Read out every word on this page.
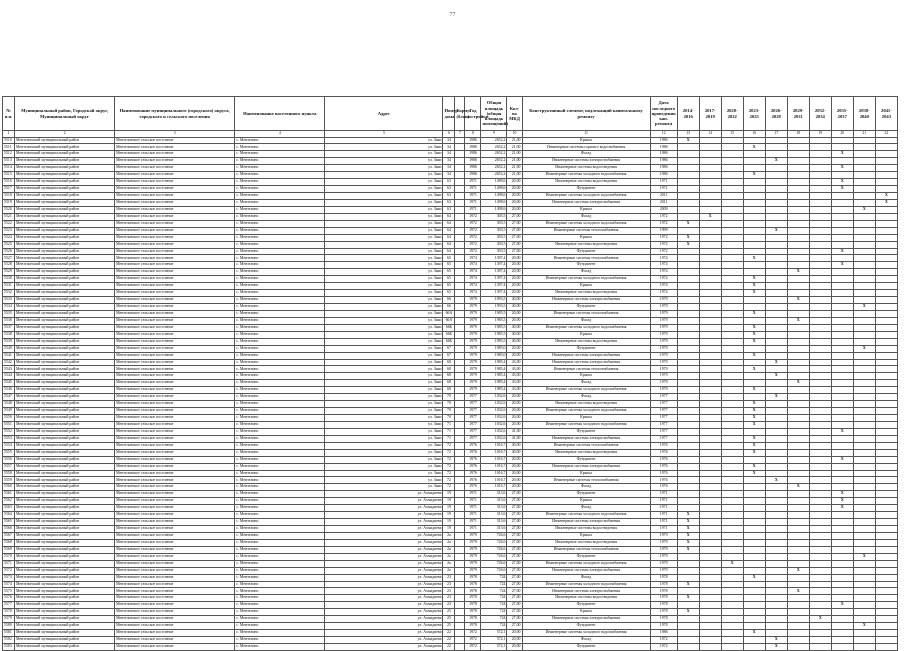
77
№ п.п.	Муниципальный район, Городской округ, Муниципальный округ	Наименование муниципального (городского) округа, городского и сельского поселения	Наименование населенного пункта	Адрес	Номер дома	Корпус (блок)	Год постройки	Общая площадь (общая площадь помещений)	Кол-во МКД	Конструктивный элемент, подлежащий капитальному ремонту	Дата последнего проведения кап. ремонта	2014-2016	2017-2019	2020-2022	2023-2025	2026-2028	2029-2031	2032-2034	2035-2037	2038-2040	2041-2043
1	2	3	4	5	6	7	8	9	10	11	12	13	14	15	16	17	18	19	20	21	22
5510	Мензелинский муниципальный район	Мензелинское сельское поселение	с. Мензелино	ул. Заки	34		1986	2652,2	21,00	Крыша	1986	X									
5511	Мензелинский муниципальный район	Мензелинское сельское поселение	с. Мензелино	ул. Заки	34		1986	2652,2	21,00	Инженерные системы горячего водоснабжения	1986				X						
5512	Мензелинский муниципальный район	Мензелинское сельское поселение	с. Мензелино	ул. Заки	34		1986	2652,2	21,00	Фасад	1986								X		
5513	Мензелинский муниципальный район	Мензелинское сельское поселение	с. Мензелино	ул. Заки	34		1986	2652,2	21,00	Инженерные системы электроснабжения	1986					X					
5514	Мензелинский муниципальный район	Мензелинское сельское поселение	с. Мензелино	ул. Заки	34		1986	2652,2	21,00	Инженерные системы водоотведения	1986								X		
5515	Мензелинский муниципальный район	Мензелинское сельское поселение	с. Мензелино	ул. Заки	34		1986	2652,2	21,00	Инженерные системы холодного водоснабжения	1986				X						
5516	Мензелинский муниципальный район	Мензелинское сельское поселение	с. Мензелино	ул. Заки	63		1971	1498,6	20,00	Инженерные системы водоотведения	1971								X		
5517	Мензелинский муниципальный район	Мензелинское сельское поселение	с. Мензелино	ул. Заки	63		1971	1498,6	20,00	Фундамент	1971								X		
5518	Мензелинский муниципальный район	Мензелинское сельское поселение	с. Мензелино	ул. Заки	63		1971	1498,6	20,00	Инженерные системы холодного водоснабжения	2011										X
5519	Мензелинский муниципальный район	Мензелинское сельское поселение	с. Мензелино	ул. Заки	63		1971	1498,6	20,00	Инженерные системы электроснабжения	2011										X
5520	Мензелинский муниципальный район	Мензелинское сельское поселение	с. Мензелино	ул. Заки	63		1971	1498,6	20,00	Крыша	2009									X	
5521	Мензелинский муниципальный район	Мензелинское сельское поселение	с. Мензелино	ул. Заки	64		1972	303,5	27,00	Фасад	1972		X								
5522	Мензелинский муниципальный район	Мензелинское сельское поселение	с. Мензелино	ул. Заки	64		1972	303,5	27,00	Инженерные системы холодного водоснабжения	1972	X									
5523	Мензелинский муниципальный район	Мензелинское сельское поселение	с. Мензелино	ул. Заки	64		1972	303,5	27,00	Инженерные системы теплоснабжения	1999					X					
5524	Мензелинский муниципальный район	Мензелинское сельское поселение	с. Мензелино	ул. Заки	64		1972	303,5	27,00	Крыша	1972	X									
5525	Мензелинский муниципальный район	Мензелинское сельское поселение	с. Мензелино	ул. Заки	64		1972	303,5	27,00	Инженерные системы водоотведения	1972	X									
5526	Мензелинский муниципальный район	Мензелинское сельское поселение	с. Мензелино	ул. Заки	64		1972	303,5	27,00	Фундамент	1972								X		
5527	Мензелинский муниципальный район	Мензелинское сельское поселение	с. Мензелино	ул. Заки	65		1974	1397,4	20,00	Инженерные системы теплоснабжения	1974				X						
5528	Мензелинский муниципальный район	Мензелинское сельское поселение	с. Мензелино	ул. Заки	65		1974	1397,4	20,00	Фундамент	1974								X		
5529	Мензелинский муниципальный район	Мензелинское сельское поселение	с. Мензелино	ул. Заки	65		1974	1397,4	20,00	Фасад	1974						X				
5530	Мензелинский муниципальный район	Мензелинское сельское поселение	с. Мензелино	ул. Заки	65		1974	1397,4	20,00	Инженерные системы холодного водоснабжения	1974				X						
5531	Мензелинский муниципальный район	Мензелинское сельское поселение	с. Мензелино	ул. Заки	65		1974	1397,4	20,00	Крыша	1974				X						
5532	Мензелинский муниципальный район	Мензелинское сельское поселение	с. Мензелино	ул. Заки	65		1974	1397,4	20,00	Инженерные системы водоотведения	1974				X						
5533	Мензелинский муниципальный район	Мензелинское сельское поселение	с. Мензелино	ул. Заки	66		1979	1993,5	40,00	Инженерные системы электроснабжения	1979						X				
5534	Мензелинский муниципальный район	Мензелинское сельское поселение	с. Мензелино	ул. Заки	66		1979	1993,5	40,00	Фундамент	1979									X	
5535	Мензелинский муниципальный район	Мензелинское сельское поселение	с. Мензелино	ул. Заки	66А		1979	1985,5	20,00	Инженерные системы теплоснабжения	1979				X						
5536	Мензелинский муниципальный район	Мензелинское сельское поселение	с. Мензелино	ул. Заки	66А		1979	1985,5	20,00	Фасад	1979						X				
5537	Мензелинский муниципальный район	Мензелинское сельское поселение	с. Мензелино	ул. Заки	66Б		1979	1985,5	40,00	Инженерные системы холодного водоснабжения	1979				X						
5538	Мензелинский муниципальный район	Мензелинское сельское поселение	с. Мензелино	ул. Заки	66Б		1979	1985,5	40,00	Крыша	1979				X						
5539	Мензелинский муниципальный район	Мензелинское сельское поселение	с. Мензелино	ул. Заки	66Б		1979	1985,5	40,00	Инженерные системы водоотведения	1979				X						
5540	Мензелинский муниципальный район	Мензелинское сельское поселение	с. Мензелино	ул. Заки	67		1979	1985,0	20,00	Фундамент	1979									X	
5541	Мензелинский муниципальный район	Мензелинское сельское поселение	с. Мензелино	ул. Заки	67		1979	1985,0	20,00	Инженерные системы электроснабжения	1979				X						
5542	Мензелинский муниципальный район	Мензелинское сельское поселение	с. Мензелино	ул. Заки	68		1979	1985,4	43,00	Инженерные системы электроснабжения	1979					X					
5543	Мензелинский муниципальный район	Мензелинское сельское поселение	с. Мензелино	ул. Заки	68		1979	1985,4	43,00	Инженерные системы теплоснабжения	1979				X						
5544	Мензелинский муниципальный район	Мензелинское сельское поселение	с. Мензелино	ул. Заки	68		1979	1985,4	43,00	Крыша	1979					X					
5545	Мензелинский муниципальный район	Мензелинское сельское поселение	с. Мензелино	ул. Заки	68		1979	1985,4	43,00	Фасад	1979						X				
5546	Мензелинский муниципальный район	Мензелинское сельское поселение	с. Мензелино	ул. Заки	68		1979	1985,4	43,00	Инженерные системы холодного водоснабжения	1979				X						
5547	Мензелинский муниципальный район	Мензелинское сельское поселение	с. Мензелино	ул. Заки	70		1977	1032,6	20,00	Фасад	1977					X					
5548	Мензелинский муниципальный район	Мензелинское сельское поселение	с. Мензелино	ул. Заки	70		1977	1032,6	20,00	Инженерные системы водоотведения	1977				X						
5549	Мензелинский муниципальный район	Мензелинское сельское поселение	с. Мензелино	ул. Заки	70		1977	1032,6	20,00	Инженерные системы холодного водоснабжения	1977				X						
5550	Мензелинский муниципальный район	Мензелинское сельское поселение	с. Мензелино	ул. Заки	70		1977	1032,6	20,00	Крыша	1977				X						
5551	Мензелинский муниципальный район	Мензелинское сельское поселение	с. Мензелино	ул. Заки	71		1977	1032,6	20,00	Инженерные системы холодного водоснабжения	1977				X						
5552	Мензелинский муниципальный район	Мензелинское сельское поселение	с. Мензелино	ул. Заки	71		1977	1032,6	41,00	Фундамент	1977								X		
5553	Мензелинский муниципальный район	Мензелинское сельское поселение	с. Мензелино	ул. Заки	71		1977	1032,6	41,00	Инженерные системы электроснабжения	1977				X						
5554	Мензелинский муниципальный район	Мензелинское сельское поселение	с. Мензелино	ул. Заки	72		1976	1016,7	40,00	Инженерные системы теплоснабжения	1976				X						
5555	Мензелинский муниципальный район	Мензелинское сельское поселение	с. Мензелино	ул. Заки	72		1976	1016,7	40,00	Инженерные системы водоотведения	1976				X						
5556	Мензелинский муниципальный район	Мензелинское сельское поселение	с. Мензелино	ул. Заки	72		1976	1016,7	20,00	Фундамент	1976								X		
5557	Мензелинский муниципальный район	Мензелинское сельское поселение	с. Мензелино	ул. Заки	72		1976	1016,7	20,00	Инженерные системы электроснабжения	1976				X						
5558	Мензелинский муниципальный район	Мензелинское сельское поселение	с. Мензелино	ул. Заки	72		1976	1016,7	20,00	Крыша	1976				X						
5559	Мензелинский муниципальный район	Мензелинское сельское поселение	с. Мензелино	ул. Заки	72		1976	1016,7	20,00	Инженерные системы теплоснабжения	1976					X					
5560	Мензелинский муниципальный район	Мензелинское сельское поселение	с. Мензелино	ул. Заки	72		1976	1016,7	20,00	Фасад	1976						X				
5561	Мензелинский муниципальный район	Мензелинское сельское поселение	с. Мензелино	ул. Ахмадиева	19		1971	313,6	27,00	Фундамент	1971								X		
5562	Мензелинский муниципальный район	Мензелинское сельское поселение	с. Мензелино	ул. Ахмадиева	19		1971	313,6	27,00	Крыша	1971								X		
5563	Мензелинский муниципальный район	Мензелинское сельское поселение	с. Мензелино	ул. Ахмадиева	19		1971	313,6	27,00	Фасад	1971								X		
5564	Мензелинский муниципальный район	Мензелинское сельское поселение	с. Мензелино	ул. Ахмадиева	19		1971	313,6	27,00	Инженерные системы холодного водоснабжения	1971	X									
5565	Мензелинский муниципальный район	Мензелинское сельское поселение	с. Мензелино	ул. Ахмадиева	19		1971	313,6	27,00	Инженерные системы электроснабжения	1971	X									
5566	Мензелинский муниципальный район	Мензелинское сельское поселение	с. Мензелино	ул. Ахмадиева	19		1971	313,6	27,00	Инженерные системы водоотведения	1971	X									
5567	Мензелинский муниципальный район	Мензелинское сельское поселение	с. Мензелино	ул. Ахмадиева	2а		1979	726,6	27,00	Крыша	1979	X									
5568	Мензелинский муниципальный район	Мензелинское сельское поселение	с. Мензелино	ул. Ахмадиева	2а		1979	726,6	27,00	Инженерные системы водоотведения	1979	X									
5569	Мензелинский муниципальный район	Мензелинское сельское поселение	с. Мензелино	ул. Ахмадиева	2а		1979	726,6	27,00	Инженерные системы теплоснабжения	1979	X									
5570	Мензелинский муниципальный район	Мензелинское сельское поселение	с. Мензелино	ул. Ахмадиева	2а		1979	726,6	27,00	Фундамент	1979									X	
5571	Мензелинский муниципальный район	Мензелинское сельское поселение	с. Мензелино	ул. Ахмадиева	2а		1979	726,6	27,00	Инженерные системы холодного водоснабжения	1979			X							
5572	Мензелинский муниципальный район	Мензелинское сельское поселение	с. Мензелино	ул. Ахмадиева	2а		1979	726,6	27,00	Инженерные системы электроснабжения	1979						X				
5573	Мензелинский муниципальный район	Мензелинское сельское поселение	с. Мензелино	ул. Ахмадиева	23		1978	724	27,00	Фасад	1978				X						
5574	Мензелинский муниципальный район	Мензелинское сельское поселение	с. Мензелино	ул. Ахмадиева	23		1978	724	27,00	Инженерные системы холодного водоснабжения	1978	X									
5575	Мензелинский муниципальный район	Мензелинское сельское поселение	с. Мензелино	ул. Ахмадиева	23		1978	724	27,00	Инженерные системы электроснабжения	1978						X				
5576	Мензелинский муниципальный район	Мензелинское сельское поселение	с. Мензелино	ул. Ахмадиева	23		1978	724	27,00	Инженерные системы водоотведения	1978	X									
5577	Мензелинский муниципальный район	Мензелинское сельское поселение	с. Мензелино	ул. Ахмадиева	23		1978	724	27,00	Фундамент	1978								X		
5578	Мензелинский муниципальный район	Мензелинское сельское поселение	с. Мензелино	ул. Ахмадиева	25		1978	724	27,00	Крыша	1978	X									
5579	Мензелинский муниципальный район	Мензелинское сельское поселение	с. Мензелино	ул. Ахмадиева	25		1978	724	27,00	Инженерные системы электроснабжения	1978							X			
5580	Мензелинский муниципальный район	Мензелинское сельское поселение	с. Мензелино	ул. Ахмадиева	25		1978	724	27,00	Фундамент	1978									X	
5581	Мензелинский муниципальный район	Мензелинское сельское поселение	с. Мензелино	ул. Ахмадиева	22		1972	572,1	20,00	Инженерные системы холодного водоснабжения	1986				X						
5582	Мензелинский муниципальный район	Мензелинское сельское поселение	с. Мензелино	ул. Ахмадиева	22		1972	572,1	20,00	Фасад	1972					X					
5583	Мензелинский муниципальный район	Мензелинское сельское поселение	с. Мензелино	ул. Ахмадиева	22		1972	572,1	20,00	Фундамент	1972					X					
